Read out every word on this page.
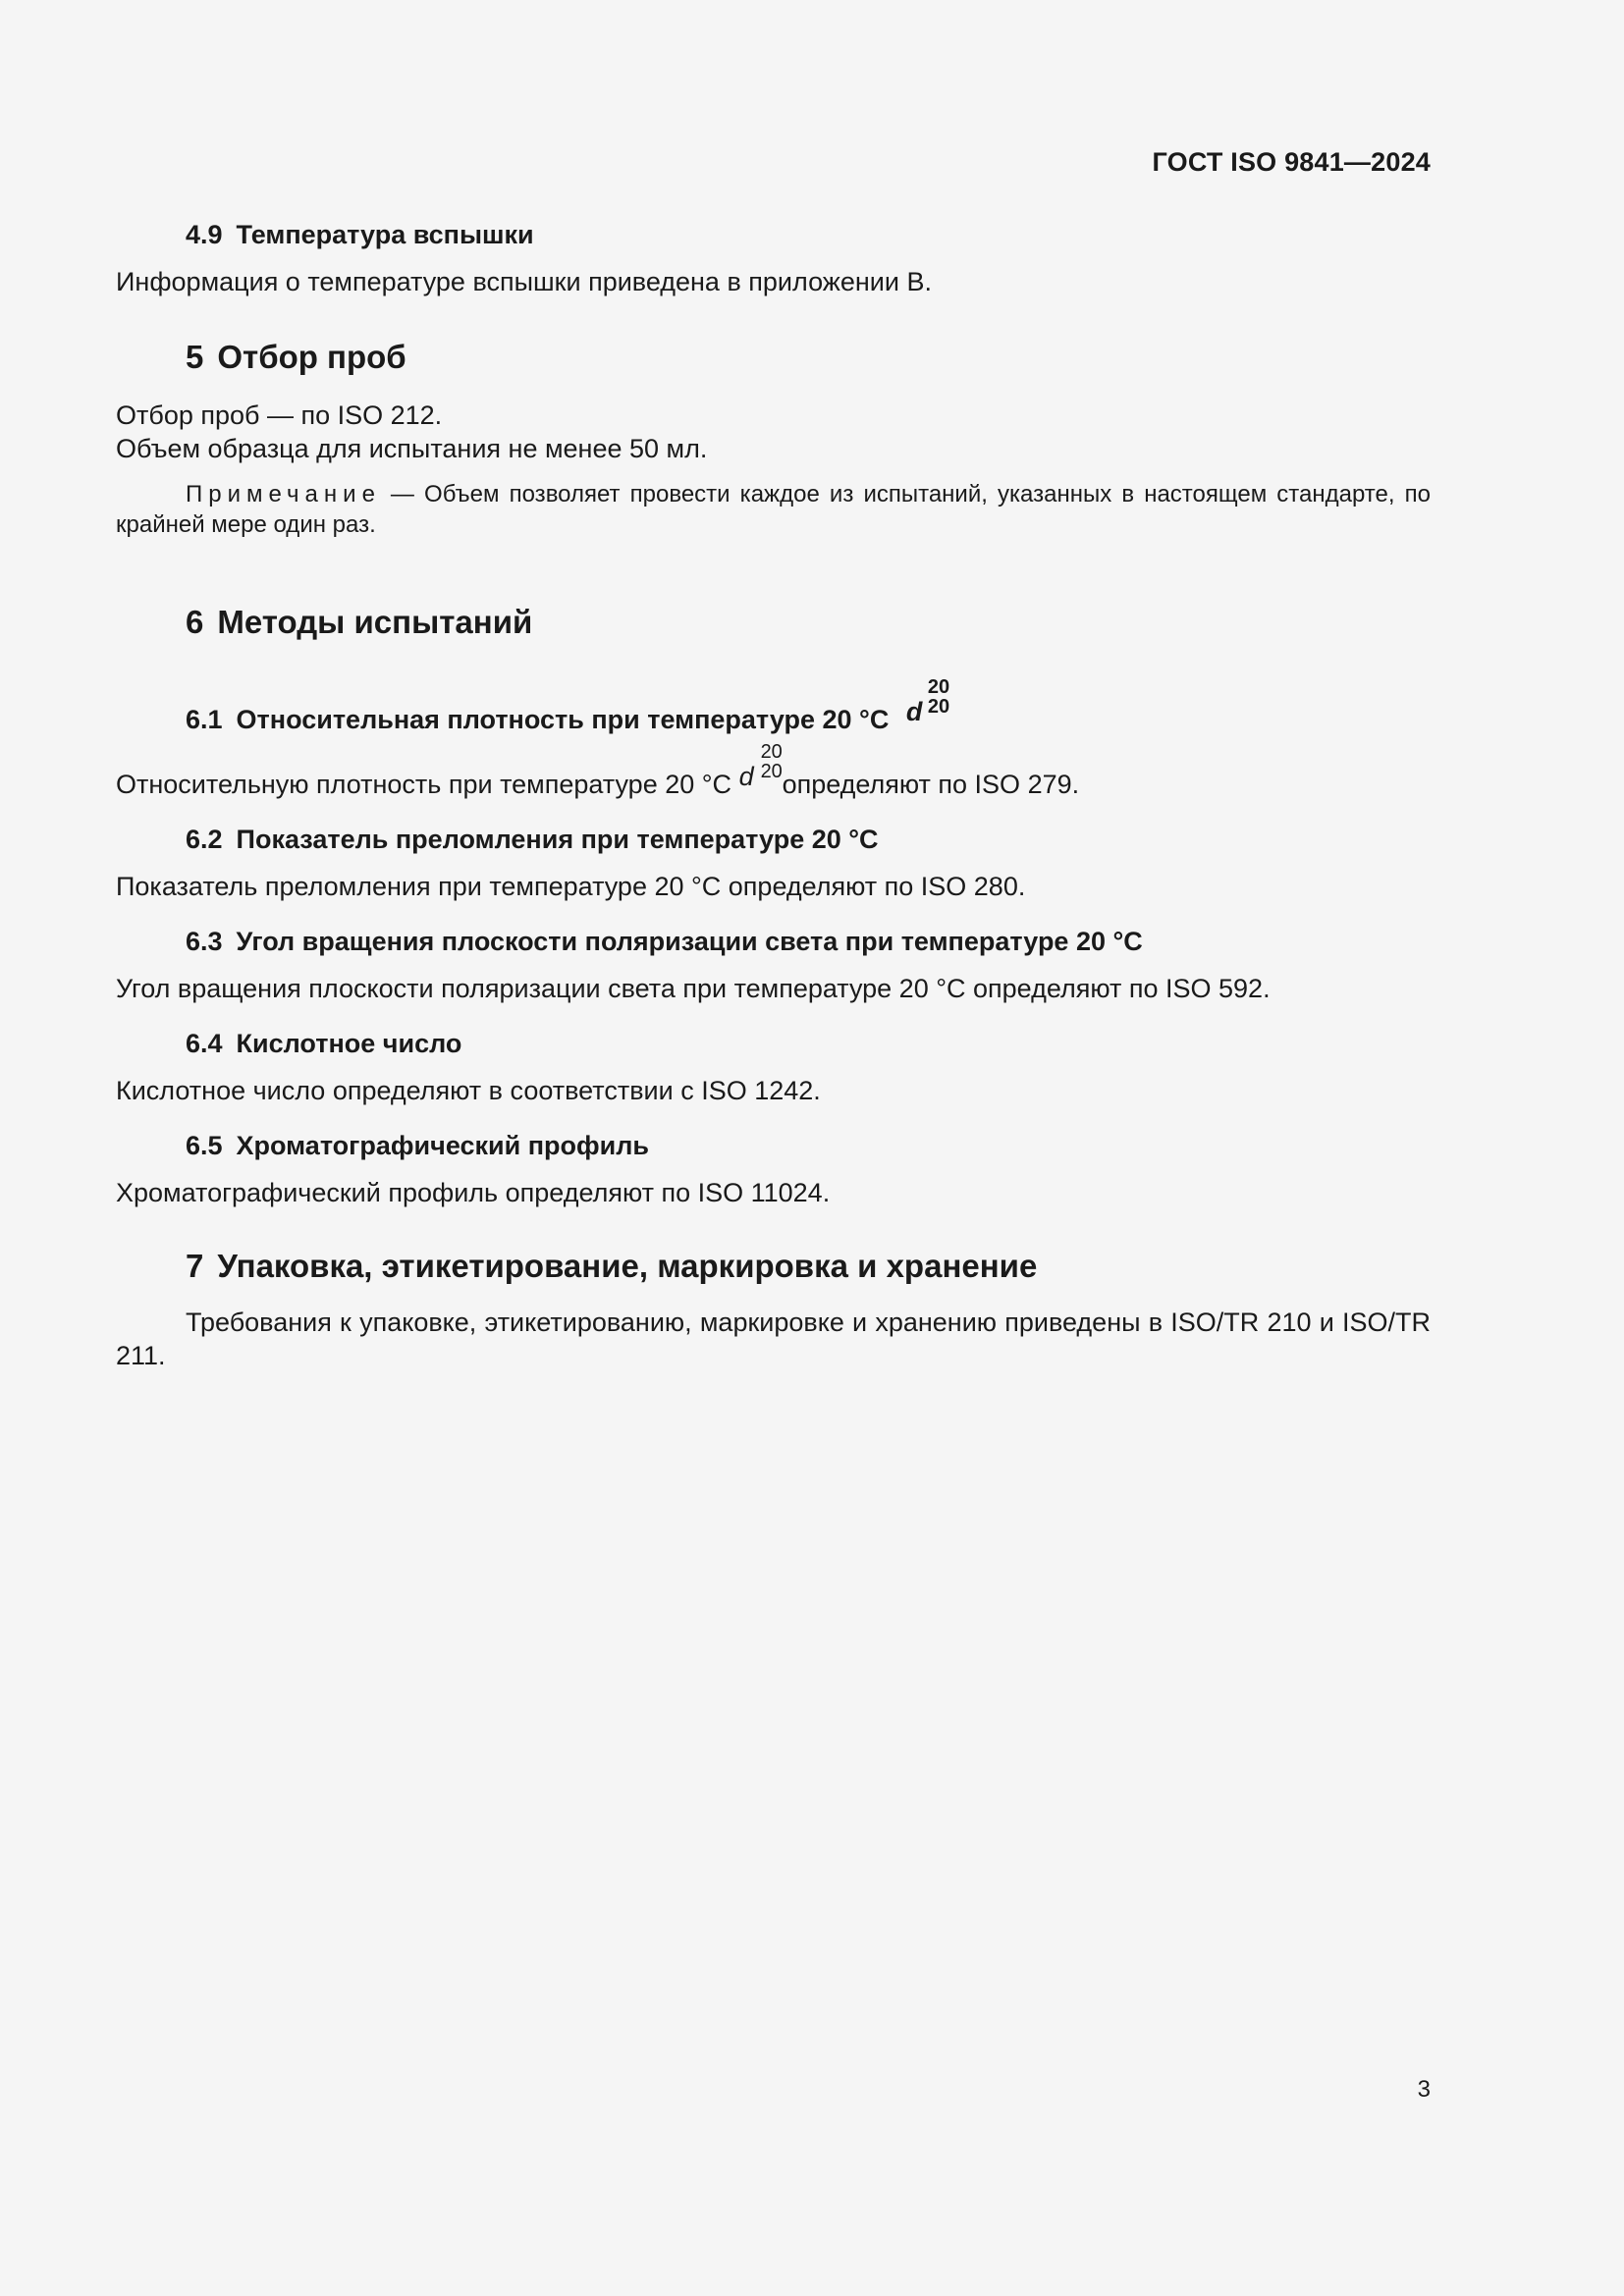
ГОСТ ISO 9841—2024
4.9 Температура вспышки

Информация о температуре вспышки приведена в приложении В.

5 Отбор проб

Отбор проб — по ISO 212.

Объем образца для испытания не менее 50 мл.

Примечание — Объем позволяет провести каждое из испытаний, указанных в настоящем стандарте, по крайней мере один раз.

6 Методы испытаний
6.1 Относительная плотность при температуре 20 °С d
20
20

Относительную плотность при температуре 20 °С d
20
20 определяют по ISO 279.

6.2 Показатель преломления при температуре 20 °С

Показатель преломления при температуре 20 °С определяют по ISO 280.

6.3 Угол вращения плоскости поляризации света при температуре 20 °С

Угол вращения плоскости поляризации света при температуре 20 °С определяют по ISO 592.

6.4 Кислотное число

Кислотное число определяют в соответствии с ISO 1242.

6.5 Хроматографический профиль

Хроматографический профиль определяют по ISO 11024.

7 Упаковка, этикетирование, маркировка и хранение

Требования к упаковке, этикетированию, маркировке и хранению приведены в ISO/TR 210 и ISO/TR 211.

3
